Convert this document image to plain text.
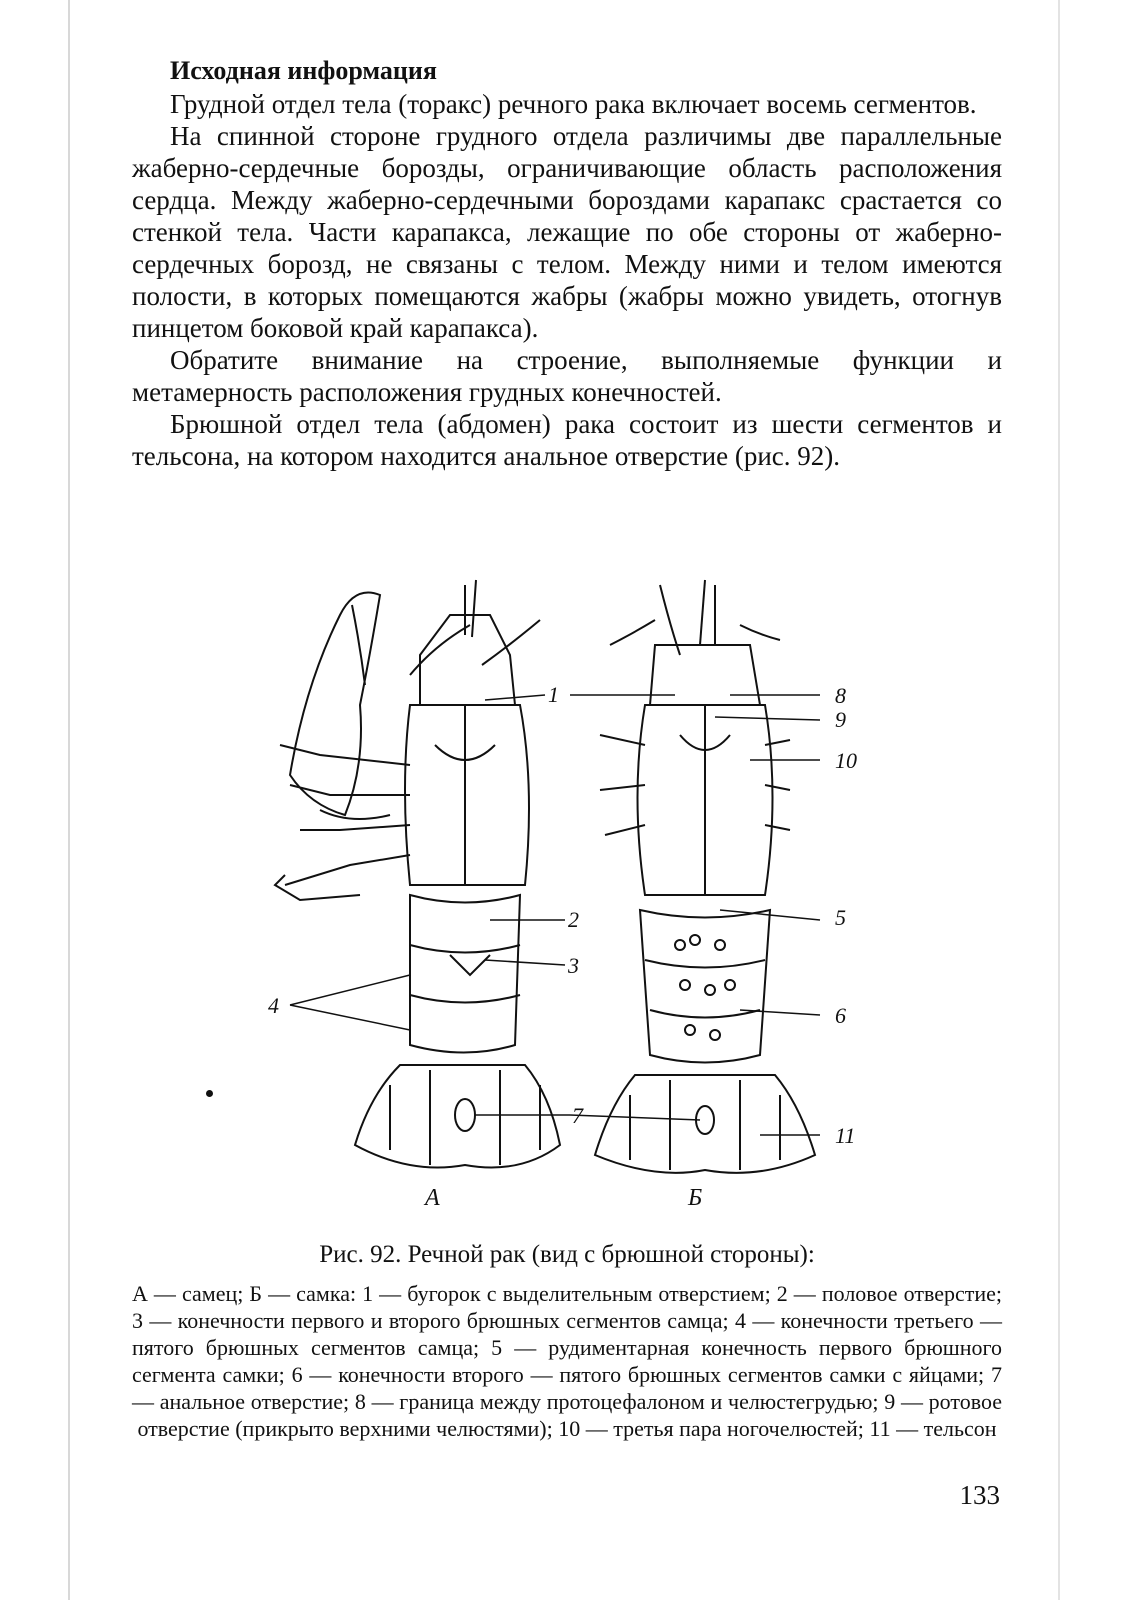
Исходная информация

Грудной отдел тела (торакс) речного рака включает восемь сегментов.

На спинной стороне грудного отдела различимы две параллельные жаберно-сердечные борозды, ограничивающие область расположения сердца. Между жаберно-сердечными бороздами карапакс срастается со стенкой тела. Части карапакса, лежащие по обе стороны от жаберно-сердечных борозд, не связаны с телом. Между ними и телом имеются полости, в которых помещаются жабры (жабры можно увидеть, отогнув пинцетом боковой край карапакса).

Обратите внимание на строение, выполняемые функции и метамерность расположения грудных конечностей.

Брюшной отдел тела (абдомен) рака состоит из шести сегментов и тельсона, на котором находится анальное отверстие (рис. 92).

1
2
3
4
5
6
7
8
9
10
11
А	Б

Рис. 92. Речной рак (вид с брюшной стороны):

А — самец; Б — самка: 1 — бугорок с выделительным отверстием; 2 — половое отверстие; 3 — конечности первого и второго брюшных сегментов самца; 4 — конечности третьего — пятого брюшных сегментов самца; 5 — рудиментарная конечность первого брюшного сегмента самки; 6 — конечности второго — пятого брюшных сегментов самки с яйцами; 7 — анальное отверстие; 8 — граница между протоцефалоном и челюстегрудью; 9 — ротовое отверстие (прикрыто верхними челюстями); 10 — третья пара ногочелюстей; 11 — тельсон

133
